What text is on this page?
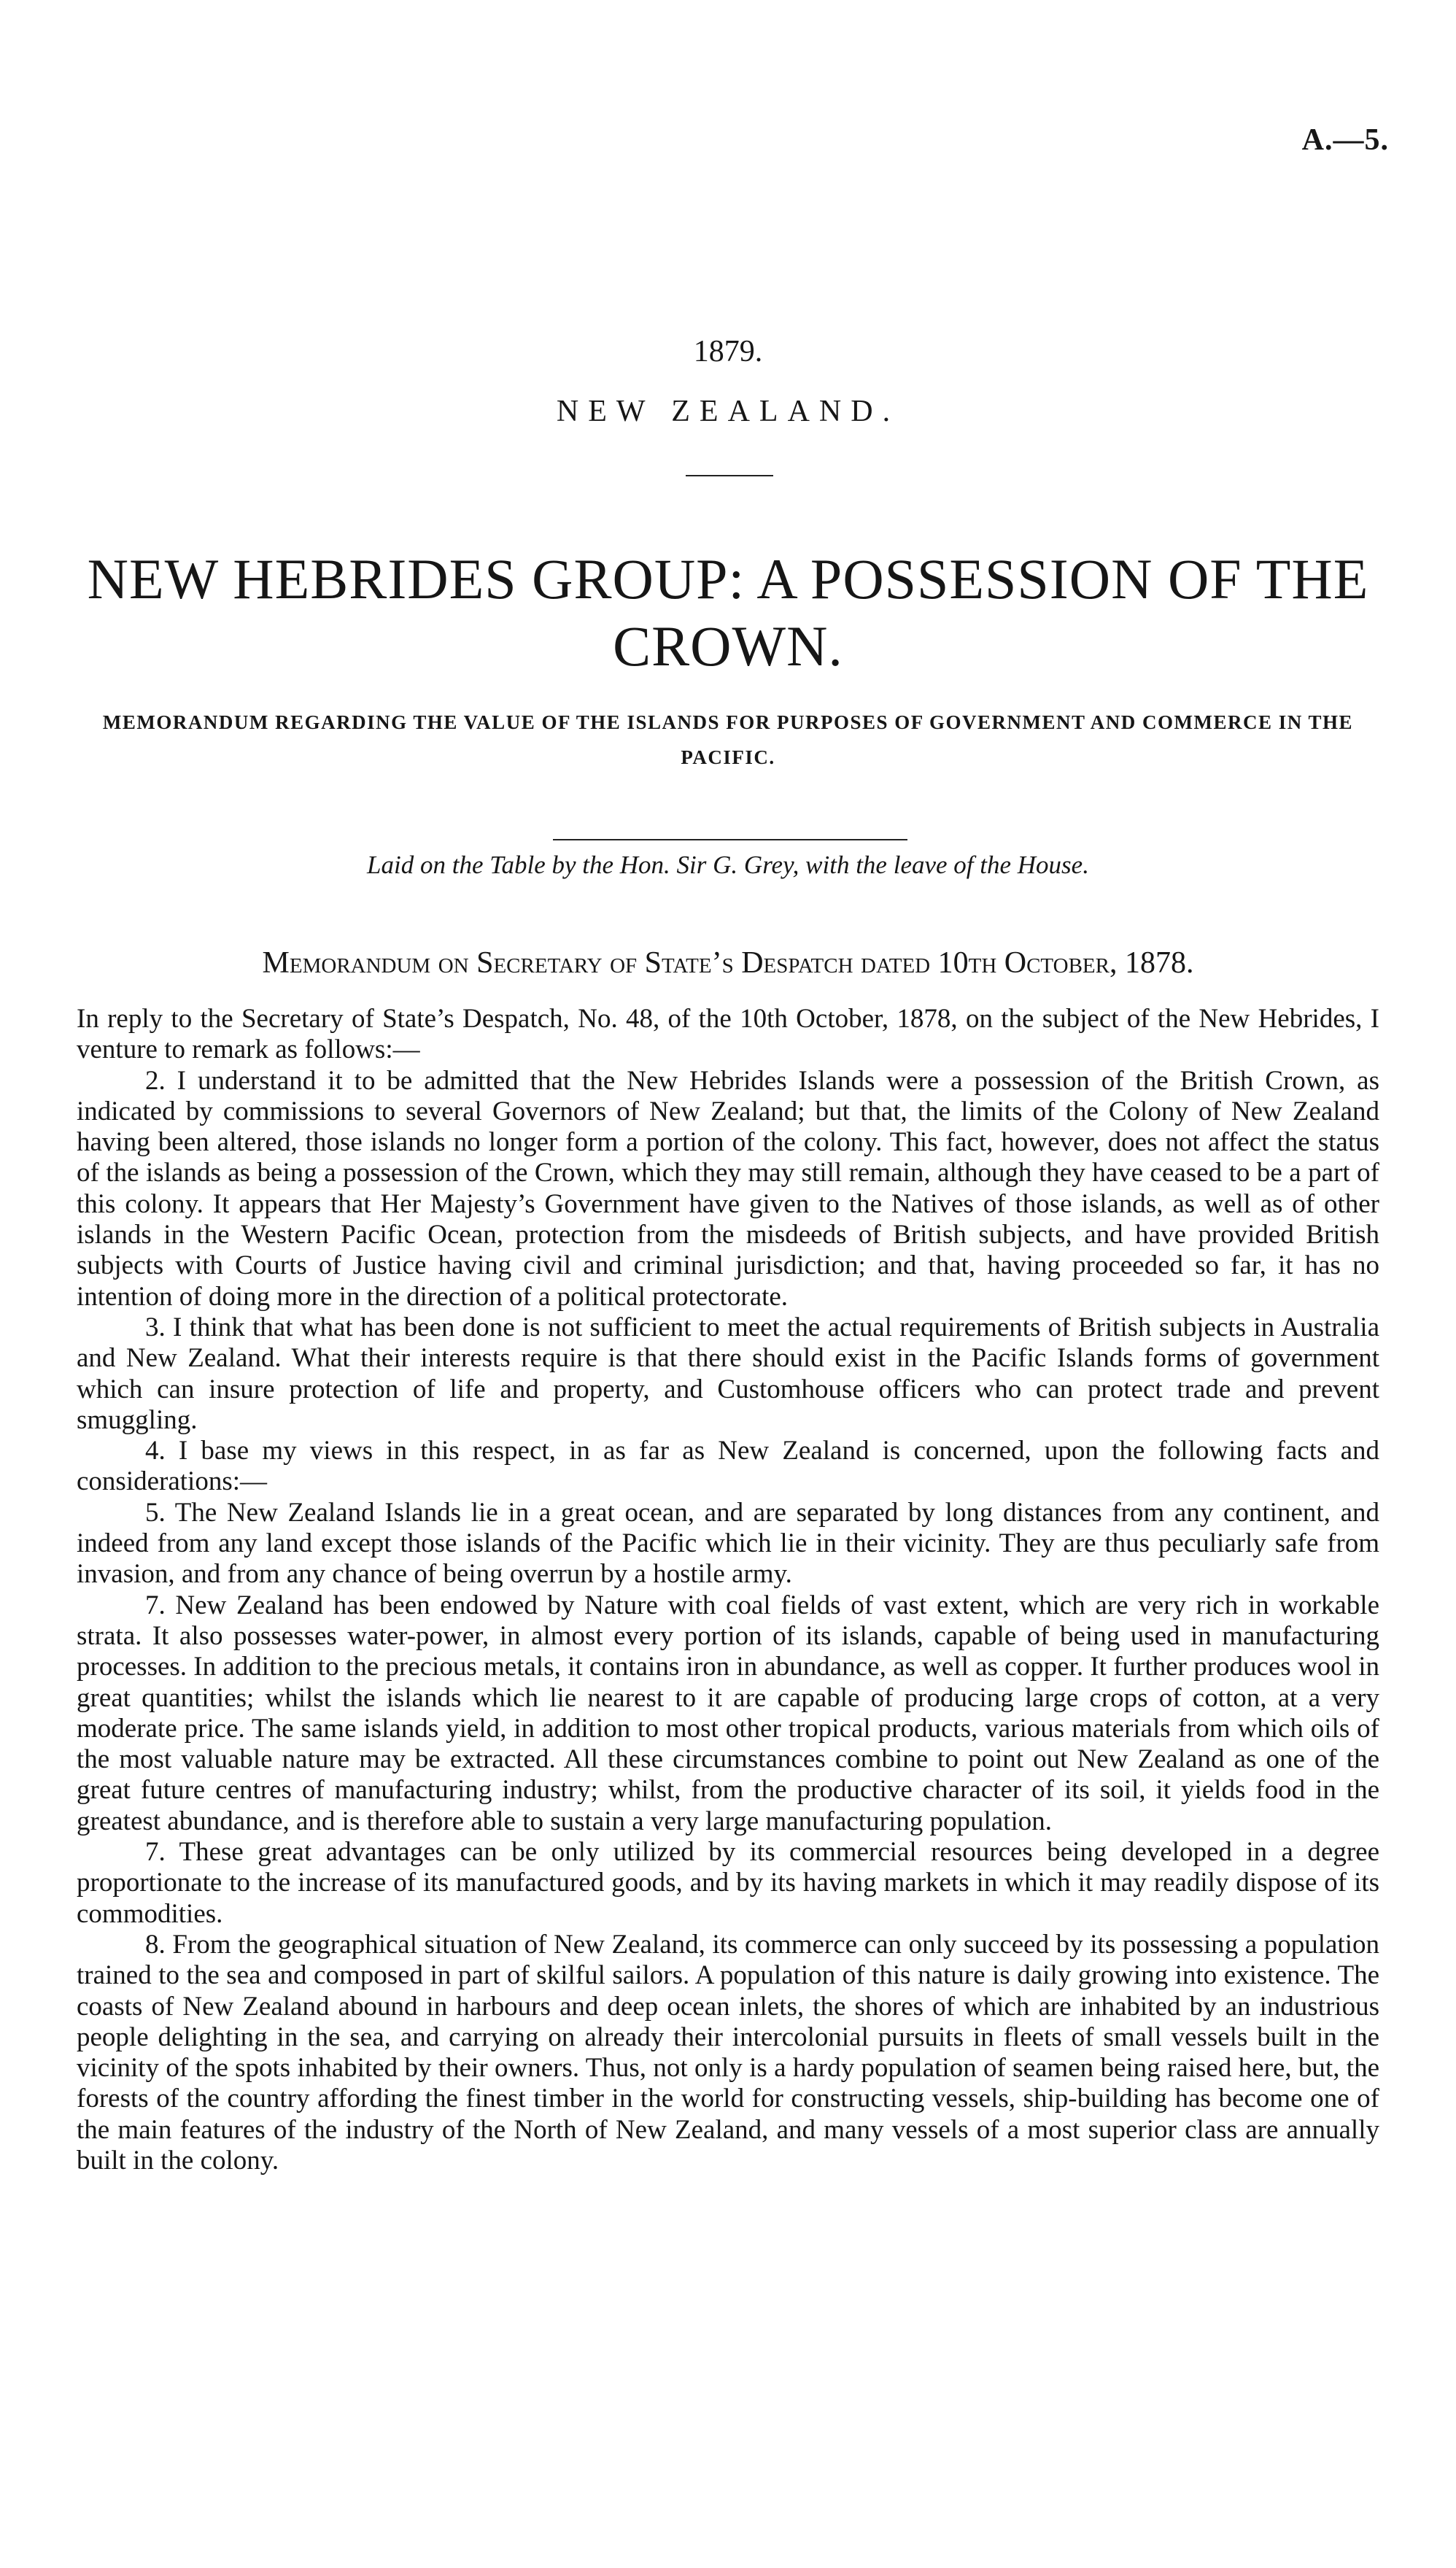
A.—5.
1879.
NEW ZEALAND.
NEW HEBRIDES GROUP: A POSSESSION OF THE CROWN.
MEMORANDUM REGARDING THE VALUE OF THE ISLANDS FOR PURPOSES OF GOVERNMENT AND COMMERCE IN THE PACIFIC.
Laid on the Table by the Hon. Sir G. Grey, with the leave of the House.
Memorandum on Secretary of State’s Despatch dated 10th October, 1878.

In reply to the Secretary of State’s Despatch, No. 48, of the 10th October, 1878, on the subject of the New Hebrides, I venture to remark as follows:—

2. I understand it to be admitted that the New Hebrides Islands were a possession of the British Crown, as indicated by commissions to several Governors of New Zealand; but that, the limits of the Colony of New Zealand having been altered, those islands no longer form a portion of the colony. This fact, however, does not affect the status of the islands as being a possession of the Crown, which they may still remain, although they have ceased to be a part of this colony. It appears that Her Majesty’s Government have given to the Natives of those islands, as well as of other islands in the Western Pacific Ocean, protection from the misdeeds of British subjects, and have provided British subjects with Courts of Justice having civil and criminal jurisdiction; and that, having proceeded so far, it has no intention of doing more in the direction of a political protectorate.

3. I think that what has been done is not sufficient to meet the actual requirements of British subjects in Australia and New Zealand. What their interests require is that there should exist in the Pacific Islands forms of government which can insure protection of life and property, and Customhouse officers who can protect trade and prevent smuggling.

4. I base my views in this respect, in as far as New Zealand is concerned, upon the following facts and considerations:—

5. The New Zealand Islands lie in a great ocean, and are separated by long distances from any continent, and indeed from any land except those islands of the Pacific which lie in their vicinity. They are thus peculiarly safe from invasion, and from any chance of being overrun by a hostile army.

7. New Zealand has been endowed by Nature with coal fields of vast extent, which are very rich in workable strata. It also possesses water-power, in almost every portion of its islands, capable of being used in manufacturing processes. In addition to the precious metals, it contains iron in abundance, as well as copper. It further produces wool in great quantities; whilst the islands which lie nearest to it are capable of producing large crops of cotton, at a very moderate price. The same islands yield, in addition to most other tropical products, various materials from which oils of the most valuable nature may be extracted. All these circumstances combine to point out New Zealand as one of the great future centres of manufacturing industry; whilst, from the productive character of its soil, it yields food in the greatest abundance, and is therefore able to sustain a very large manufacturing population.

7. These great advantages can be only utilized by its commercial resources being developed in a degree proportionate to the increase of its manufactured goods, and by its having markets in which it may readily dispose of its commodities.

8. From the geographical situation of New Zealand, its commerce can only succeed by its possessing a population trained to the sea and composed in part of skilful sailors. A population of this nature is daily growing into existence. The coasts of New Zealand abound in harbours and deep ocean inlets, the shores of which are inhabited by an industrious people delighting in the sea, and carrying on already their intercolonial pursuits in fleets of small vessels built in the vicinity of the spots inhabited by their owners. Thus, not only is a hardy population of seamen being raised here, but, the forests of the country affording the finest timber in the world for constructing vessels, ship-building has become one of the main features of the industry of the North of New Zealand, and many vessels of a most superior class are annually built in the colony.
